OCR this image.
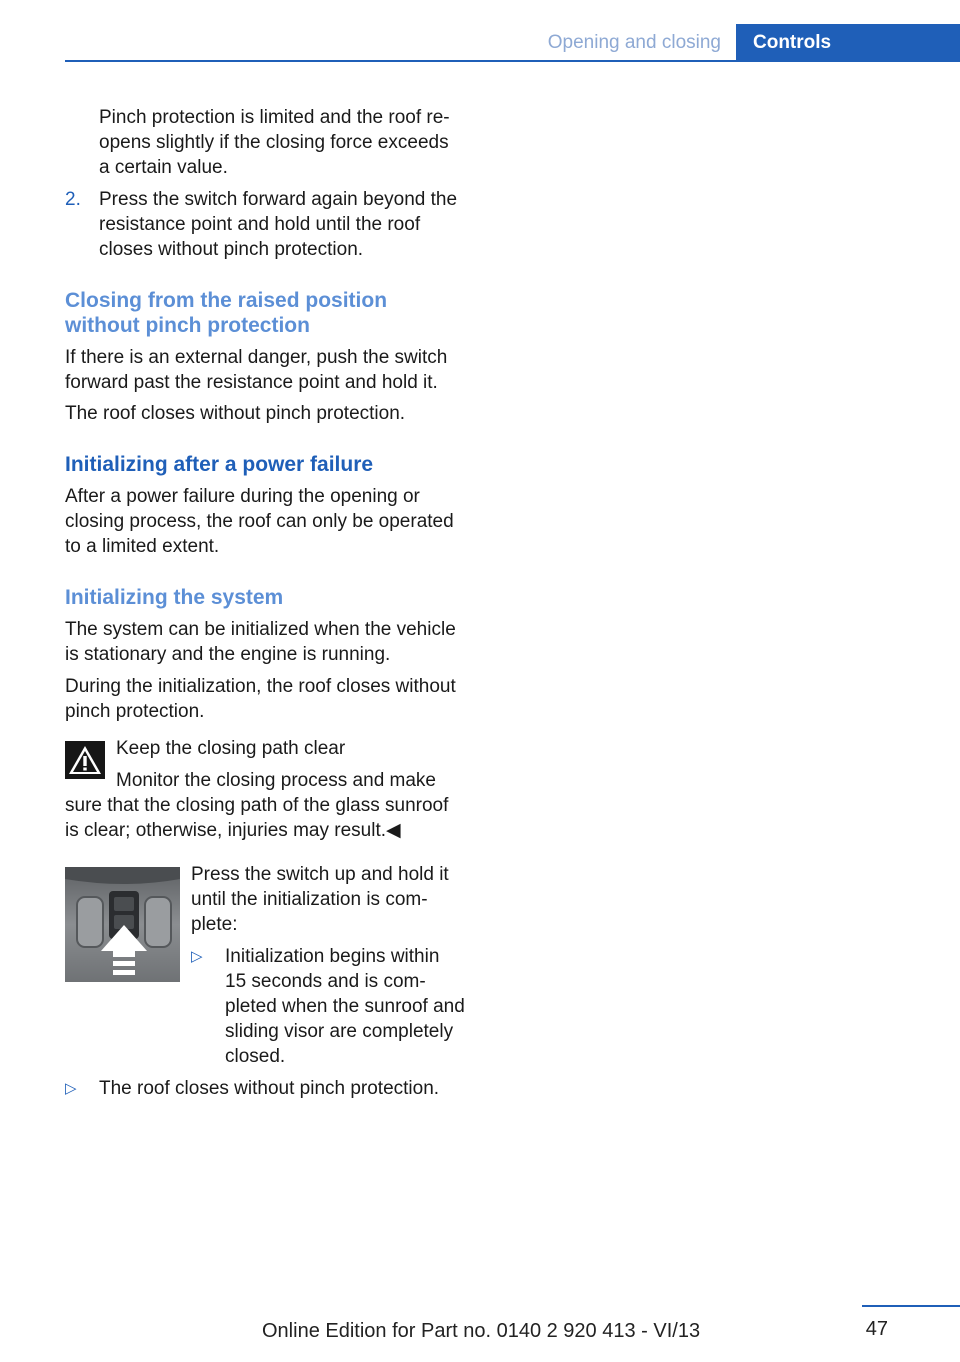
Opening and closing	Controls
Pinch protection is limited and the roof re‐
opens slightly if the closing force exceeds
a certain value.
2. Press the switch forward again beyond the
resistance point and hold until the roof
closes without pinch protection.
Closing from the raised position
without pinch protection
If there is an external danger, push the switch
forward past the resistance point and hold it.
The roof closes without pinch protection.
Initializing after a power failure
After a power failure during the opening or
closing process, the roof can only be operated
to a limited extent.
Initializing the system
The system can be initialized when the vehicle
is stationary and the engine is running.
During the initialization, the roof closes without
pinch protection.
Keep the closing path clear
Monitor the closing process and make
sure that the closing path of the glass sunroof
is clear; otherwise, injuries may result.◀
Press the switch up and hold it
until the initialization is com‐
plete:
▷ Initialization begins within
15 seconds and is com‐
pleted when the sunroof and
sliding visor are completely
closed.
▷ The roof closes without pinch protection.
47
Online Edition for Part no. 0140 2 920 413 - VI/13
